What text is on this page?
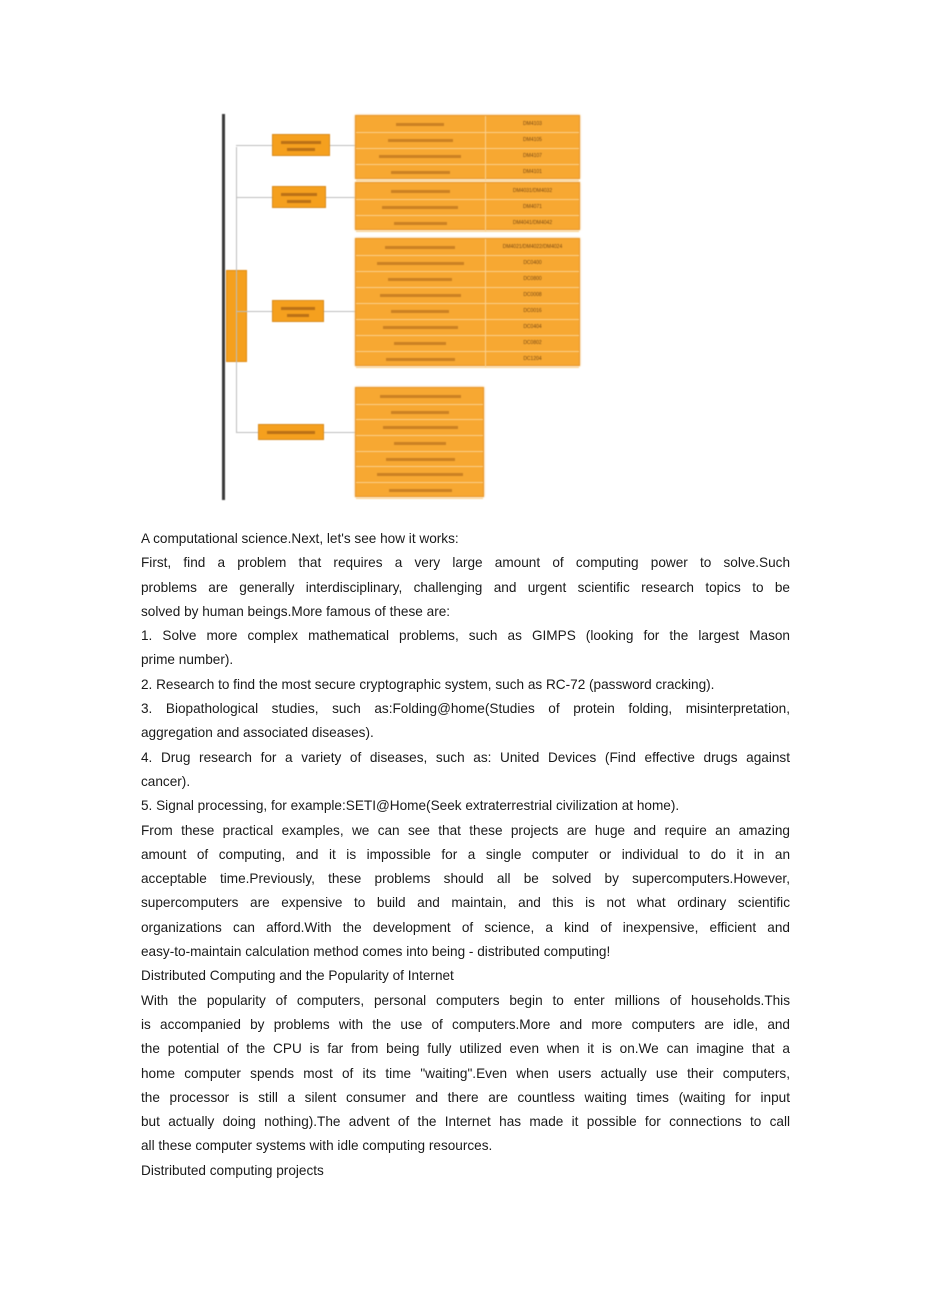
DM4103
DM4105
DM4107
DM4101
DM4031/DM4032
DM4071
DM4041/DM4042
DM4021/DM4022/DM4024
DC0400
DC0800
DC0008
DC0016
DC0404
DC0802
DC1204
A computational science.Next, let's see how it works:
First, find a problem that requires a very large amount of computing power to solve.Such
problems are generally interdisciplinary, challenging and urgent scientific research topics to be
solved by human beings.More famous of these are:
1. Solve more complex mathematical problems, such as GIMPS (looking for the largest Mason
prime number).
2. Research to find the most secure cryptographic system, such as RC-72 (password cracking).
3. Biopathological studies, such as:Folding@home(Studies of protein folding, misinterpretation,
aggregation and associated diseases).
4. Drug research for a variety of diseases, such as: United Devices (Find effective drugs against
cancer).
5. Signal processing, for example:SETI@Home(Seek extraterrestrial civilization at home).
From these practical examples, we can see that these projects are huge and require an amazing
amount of computing, and it is impossible for a single computer or individual to do it in an
acceptable time.Previously, these problems should all be solved by supercomputers.However,
supercomputers are expensive to build and maintain, and this is not what ordinary scientific
organizations can afford.With the development of science, a kind of inexpensive, efficient and
easy-to-maintain calculation method comes into being - distributed computing!
Distributed Computing and the Popularity of Internet
With the popularity of computers, personal computers begin to enter millions of households.This
is accompanied by problems with the use of computers.More and more computers are idle, and
the potential of the CPU is far from being fully utilized even when it is on.We can imagine that a
home computer spends most of its time "waiting".Even when users actually use their computers,
the processor is still a silent consumer and there are countless waiting times (waiting for input
but actually doing nothing).The advent of the Internet has made it possible for connections to call
all these computer systems with idle computing resources.
Distributed computing projects
